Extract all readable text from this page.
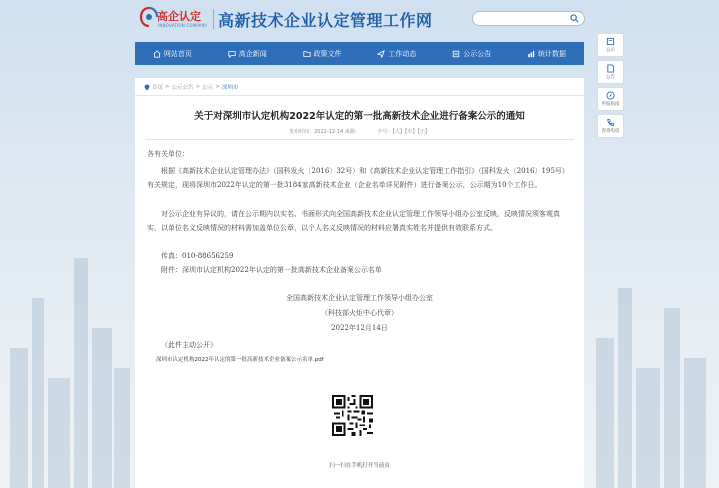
高企认定
INNOVATION COMPANY 高新技术企业认定管理工作网
网站首页	高企新闻	政策文件	工作动态	公示公告	统计数据	公示
公告
申报指南
咨询电话
首页 > 公示公告 > 公示 > 深圳市
关于对深圳市认定机构2022年认定的第一批高新技术企业进行备案公示的通知
发布时间：2022-12-14 来源：	字号：【大】【中】【小】
各有关单位：
根据《高新技术企业认定管理办法》（国科发火〔2016〕32号）和《高新技术企业认定管理工作指引》（国科发火〔2016〕195号）有关规定，现将深圳市2022年认定的第一批3184家高新技术企业（企业名单详见附件）进行备案公示，公示期为10个工作日。
对公示企业有异议的，请在公示期内以实名、书面形式向全国高新技术企业认定管理工作领导小组办公室反映，反映情况须客观真实，以单位名义反映情况的材料需加盖单位公章，以个人名义反映情况的材料应署真实姓名并提供有效联系方式。
传真：010-88656259
附件：深圳市认定机构2022年认定的第一批高新技术企业备案公示名单
全国高新技术企业认定管理工作领导小组办公室
（科技部火炬中心代章）
2022年12月14日
（此件主动公开）
深圳市认定机构2022年认定的第一批高新技术企业备案公示名单.pdf
扫一扫在手机打开当前页
